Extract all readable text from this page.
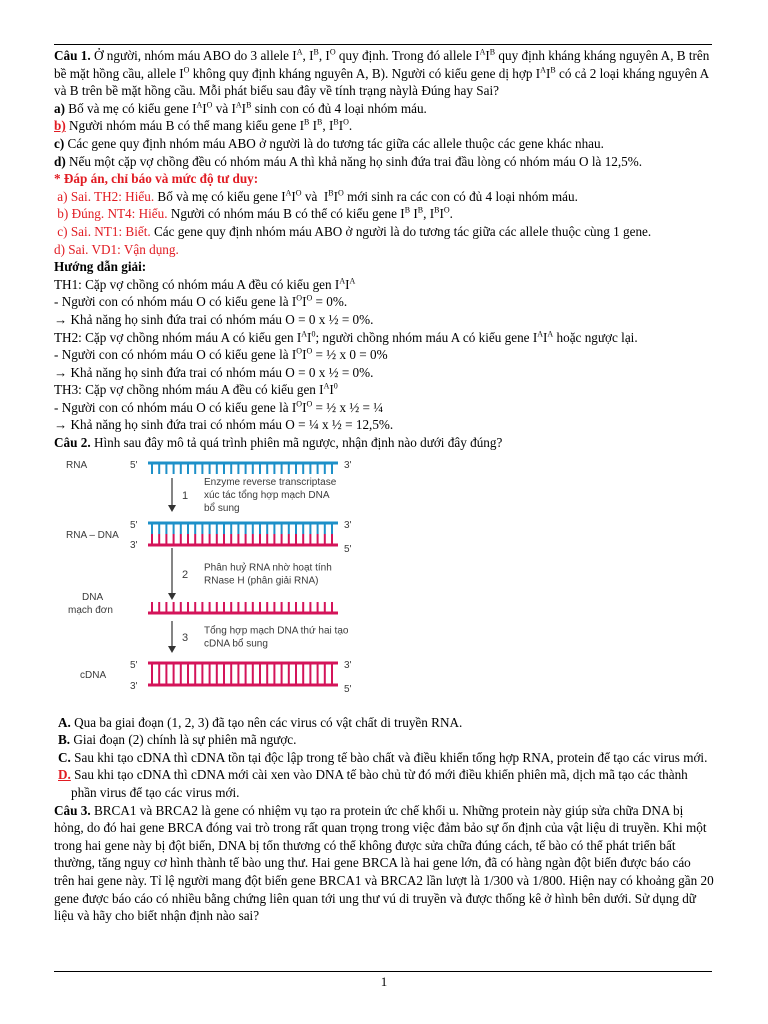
Câu 1. Ở người, nhóm máu ABO do 3 allele $I^A$, $I^B$, $I^O$ quy định. Trong đó allele $I^AI^B$ quy định kháng kháng nguyên A, B trên bề mặt hồng cầu, allele $I^O$ không quy định kháng nguyên A, B). Người có kiểu gene dị hợp $I^AI^B$ có cả 2 loại kháng nguyên A và B trên bề mặt hồng cầu. Mỗi phát biểu sau đây về tính trạng nàylà Đúng hay Sai?

a) Bố và mẹ có kiểu gene $I^AI^O$ và $I^AI^B$ sinh con có đủ 4 loại nhóm máu.

b) Người nhóm máu B có thể mang kiểu gene $I^B$ $I^B$, $I^BI^O$.

c) Các gene quy định nhóm máu ABO ở người là do tương tác giữa các allele thuộc các gene khác nhau.

d) Nếu một cặp vợ chồng đều có nhóm máu A thì khả năng họ sinh đứa trai đầu lòng có nhóm máu O là 12,5%.

* Đáp án, chỉ báo và mức độ tư duy:

a) Sai. TH2: Hiểu. Bố và mẹ có kiểu gene $I^AI^O$ và  $I^BI^O$ mới sinh ra các con có đủ 4 loại nhóm máu.

b) Đúng. NT4: Hiểu. Người có nhóm máu B có thể có kiểu gene $I^B$ $I^B$, $I^BI^O$.

c) Sai. NT1: Biết. Các gene quy định nhóm máu ABO ở người là do tương tác giữa các allele thuộc cùng 1 gene.

d) Sai. VD1: Vận dụng.

Hướng dẫn giải:

TH1: Cặp vợ chồng có nhóm máu A đều có kiểu gen $I^AI^A$

- Người con có nhóm máu O có kiểu gene là $I^OI^O = 0\%$.

→ Khả năng họ sinh đứa trai có nhóm máu O = 0 x ½ = 0%.

TH2: Cặp vợ chồng nhóm máu A có kiểu gen $I^AI^0$; người chồng nhóm máu A có kiểu gene $I^AI^A$ hoặc ngược lại.

- Người con có nhóm máu O có kiểu gene là $I^OI^O$ = ½ x 0 = 0%

→ Khả năng họ sinh đứa trai có nhóm máu O = 0 x ½ = 0%.

TH3: Cặp vợ chồng nhóm máu A đều có kiểu gen $I^AI^0$

- Người con có nhóm máu O có kiểu gene là $I^OI^O$ = ½ x ½ = ¼

→ Khả năng họ sinh đứa trai có nhóm máu O = ¼ x ½ = 12,5%.

Câu 2. Hình sau đây mô tả quá trình phiên mã ngược, nhận định nào dưới đây đúng?

RNA	5'	3'
RNA – DNA
5'	3'
3'	5'
DNA
mạch đơn
cDNA
5'	3'
3'	5'
1
Enzyme reverse transcriptase
xúc tác tổng hợp mạch DNA
bổ sung
2
Phân huỷ RNA nhờ hoạt tính
RNase H (phân giải RNA)
3
Tổng hợp mạch DNA thứ hai tạo
cDNA bổ sung

A. Qua ba giai đoạn (1, 2, 3) đã tạo nên các virus có vật chất di truyền RNA.

B. Giai đoạn (2) chính là sự phiên mã ngược.

C. Sau khi tạo cDNA thì cDNA tồn tại độc lập trong tế bào chất và điều khiển tổng hợp RNA, protein để tạo các virus mới.

D. Sau khi tạo cDNA thì cDNA mới cài xen vào DNA tế bào chủ từ đó mới điều khiển phiên mã, dịch mã tạo các thành phần virus để tạo các virus mới.

Câu 3. BRCA1 và BRCA2 là gene có nhiệm vụ tạo ra protein ức chế khối u. Những protein này giúp sửa chữa DNA bị hỏng, do đó hai gene BRCA đóng vai trò trong rất quan trọng trong việc đảm bảo sự ổn định của vật liệu di truyền. Khi một trong hai gene này bị đột biến, DNA bị tổn thương có thể không được sửa chữa đúng cách, tế bào có thể phát triển bất thường, tăng nguy cơ hình thành tế bào ung thư. Hai gene BRCA là hai gene lớn, đã có hàng ngàn đột biến được báo cáo trên hai gene này. Tỉ lệ người mang đột biến gene BRCA1 và BRCA2 lần lượt là 1/300 và 1/800. Hiện nay có khoảng gần 20 gene được báo cáo có nhiều bằng chứng liên quan tới ung thư vú di truyền và được thống kê ở hình bên dưới. Sử dụng dữ liệu và hãy cho biết nhận định nào sai?

1
